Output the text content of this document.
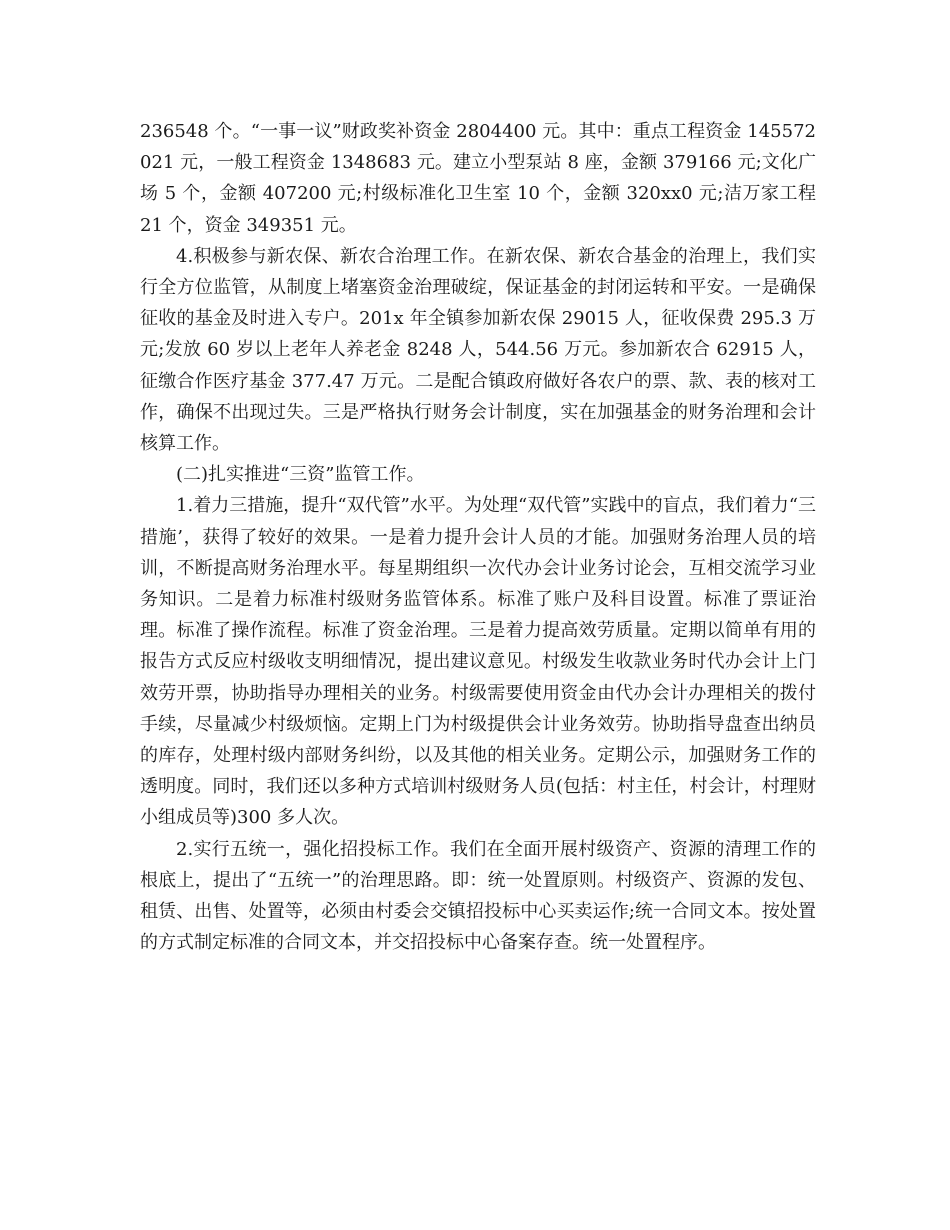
236548 个。“一事一议”财政奖补资金 2804400 元。其中：重点工程资金 145572021 元，一般工程资金 1348683 元。建立小型泵站 8 座，金额 379166 元;文化广场 5 个，金额 407200 元;村级标准化卫生室 10 个，金额 320xx0 元;洁万家工程 21 个，资金 349351 元。

4.积极参与新农保、新农合治理工作。在新农保、新农合基金的治理上，我们实行全方位监管，从制度上堵塞资金治理破绽，保证基金的封闭运转和平安。一是确保征收的基金及时进入专户。201x 年全镇参加新农保 29015 人，征收保费 295.3 万元;发放 60 岁以上老年人养老金 8248 人，544.56 万元。参加新农合 62915 人，征缴合作医疗基金 377.47 万元。二是配合镇政府做好各农户的票、款、表的核对工作，确保不出现过失。三是严格执行财务会计制度，实在加强基金的财务治理和会计核算工作。

(二)扎实推进“三资”监管工作。

1.着力三措施，提升“双代管”水平。为处理“双代管”实践中的盲点，我们着力“三措施’，获得了较好的效果。一是着力提升会计人员的才能。加强财务治理人员的培训，不断提高财务治理水平。每星期组织一次代办会计业务讨论会，互相交流学习业务知识。二是着力标准村级财务监管体系。标准了账户及科目设置。标准了票证治理。标准了操作流程。标准了资金治理。三是着力提高效劳质量。定期以简单有用的报告方式反应村级收支明细情况，提出建议意见。村级发生收款业务时代办会计上门效劳开票，协助指导办理相关的业务。村级需要使用资金由代办会计办理相关的拨付手续，尽量减少村级烦恼。定期上门为村级提供会计业务效劳。协助指导盘查出纳员的库存，处理村级内部财务纠纷，以及其他的相关业务。定期公示，加强财务工作的透明度。同时，我们还以多种方式培训村级财务人员(包括：村主任，村会计，村理财小组成员等)300 多人次。

2.实行五统一，强化招投标工作。我们在全面开展村级资产、资源的清理工作的根底上，提出了“五统一”的治理思路。即：统一处置原则。村级资产、资源的发包、租赁、出售、处置等，必须由村委会交镇招投标中心买卖运作;统一合同文本。按处置的方式制定标准的合同文本，并交招投标中心备案存查。统一处置程序。
